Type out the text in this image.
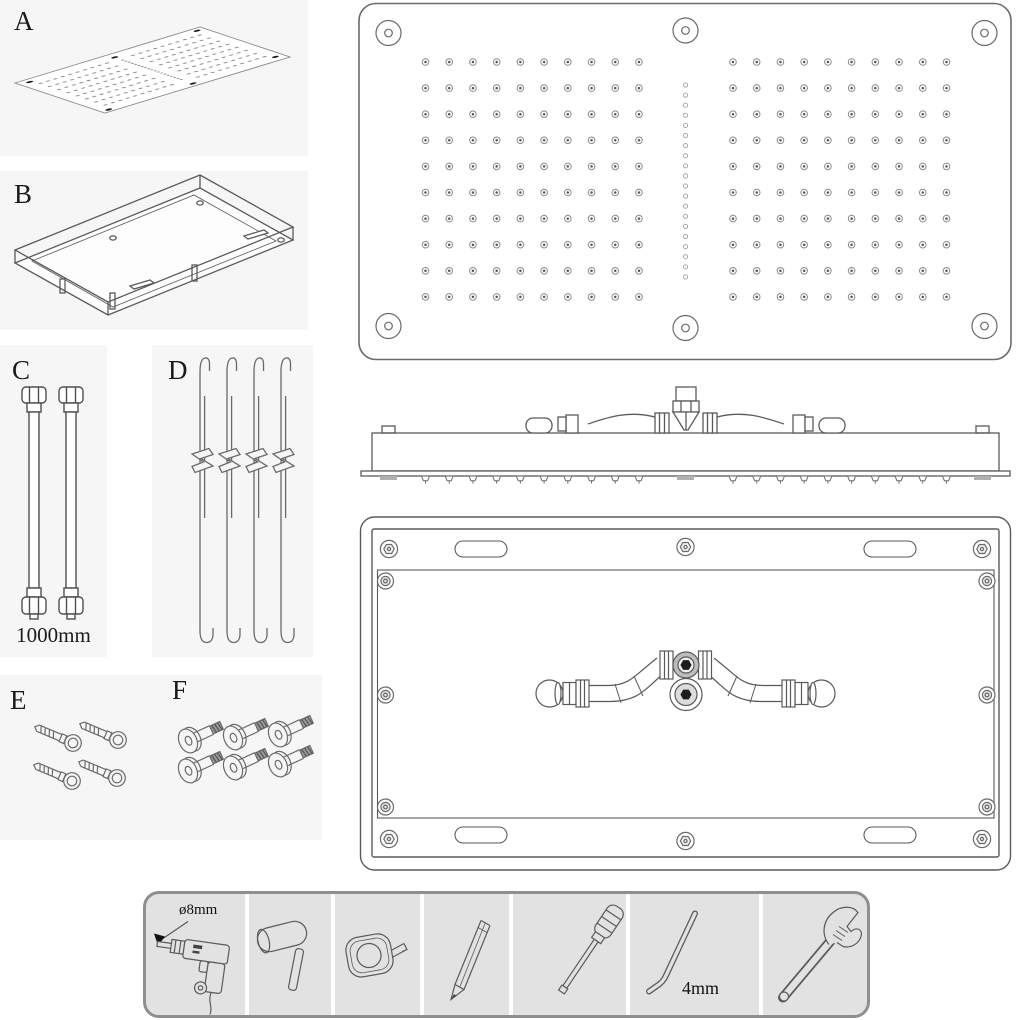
A
B
C
1000mm
D
E	F
ø8mm
4mm
